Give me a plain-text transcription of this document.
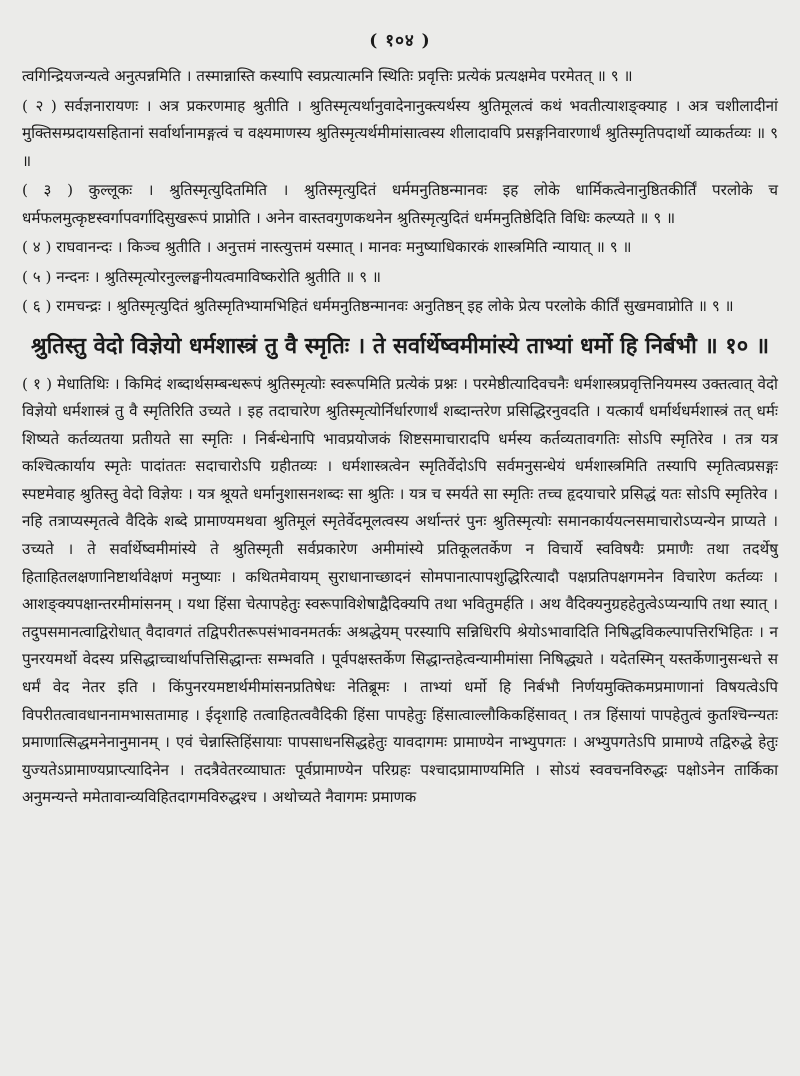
( १०४ )

त्वगिन्द्रियजन्यत्वे अनुत्पन्नमिति । तस्मान्नास्ति कस्यापि स्वप्रत्यात्मनि स्थितिः प्रवृत्तिः प्रत्येकं प्रत्यक्षमेव परमेतत् ॥ ९ ॥

( २ ) सर्वज्ञनारायणः । अत्र प्रकरणमाह श्रुतीति । श्रुतिस्मृत्यर्थानुवादेनानुक्त्यर्थस्य श्रुतिमूलत्वं कथं भवतीत्याशङ्क्याह । अत्र चशीलादीनां मुक्तिसम्प्रदायसहितानां सर्वार्थानामङ्गत्वं च वक्ष्यमाणस्य श्रुतिस्मृत्यर्थमीमांसात्वस्य शीलादावपि प्रसङ्गनिवारणार्थं श्रुतिस्मृतिपदार्थो व्याकर्तव्यः ॥ ९ ॥

( ३ ) कुल्लूकः । श्रुतिस्मृत्युदितमिति । श्रुतिस्मृत्युदितं धर्ममनुतिष्ठन्मानवः इह लोके धार्मिकत्वेनानुष्ठितकीर्तिं परलोके च धर्मफलमुत्कृष्टस्वर्गापवर्गादिसुखरूपं प्राप्नोति । अनेन वास्तवगुणकथनेन श्रुतिस्मृत्युदितं धर्ममनुतिष्ठेदिति विधिः कल्प्यते ॥ ९ ॥

( ४ ) राघवानन्दः । किञ्च श्रुतीति । अनुत्तमं नास्त्युत्तमं यस्मात् । मानवः मनुष्याधिकारकं शास्त्रमिति न्यायात् ॥ ९ ॥

( ५ ) नन्दनः । श्रुतिस्मृत्योरनुल्लङ्घनीयत्वमाविष्करोति श्रुतीति ॥ ९ ॥

( ६ ) रामचन्द्रः । श्रुतिस्मृत्युदितं श्रुतिस्मृतिभ्यामभिहितं धर्ममनुतिष्ठन्मानवः अनुतिष्ठन् इह लोके प्रेत्य परलोके कीर्तिं सुखमवाप्नोति ॥ ९ ॥

श्रुतिस्तु वेदो विज्ञेयो धर्मशास्त्रं तु वै स्मृतिः । ते सर्वार्थेष्वमीमांस्ये ताभ्यां धर्मो हि निर्बभौ ॥ १० ॥

( १ ) मेधातिथिः । किमिदं शब्दार्थसम्बन्धरूपं श्रुतिस्मृत्योः स्वरूपमिति प्रत्येकं प्रश्नः । परमेष्ठीत्यादिवचनैः धर्मशास्त्रप्रवृत्तिनियमस्य उक्तत्वात् वेदो विज्ञेयो धर्मशास्त्रं तु वै स्मृतिरिति उच्यते । इह तदाचारेण श्रुतिस्मृत्योर्निर्धारणार्थं शब्दान्तरेण प्रसिद्धिरनुवदति । यत्कार्यं धर्मार्थधर्मशास्त्रं तत् धर्मः शिष्यते कर्तव्यतया प्रतीयते सा स्मृतिः । निर्बन्धेनापि भावप्रयोजकं शिष्टसमाचारादपि धर्मस्य कर्तव्यतावगतिः सोऽपि स्मृतिरेव । तत्र यत्र कश्चित्कार्याय स्मृतेः पादांततः सदाचारोऽपि ग्रहीतव्यः । धर्मशास्त्रत्वेन स्मृतिर्वेदोऽपि सर्वमनुसन्धेयं धर्मशास्त्रमिति तस्यापि स्मृतित्वप्रसङ्गः स्पष्टमेवाह श्रुतिस्तु वेदो विज्ञेयः । यत्र श्रूयते धर्मानुशासनशब्दः सा श्रुतिः । यत्र च स्मर्यते सा स्मृतिः तच्च हृदयाचारे प्रसिद्धं यतः सोऽपि स्मृतिरेव । नहि तत्राप्यस्मृतत्वे वैदिके शब्दे प्रामाण्यमथवा श्रुतिमूलं स्मृतेर्वेदमूलत्वस्य अर्थान्तरं पुनः श्रुतिस्मृत्योः समानकार्ययत्नसमाचारोऽप्यन्येन प्राप्यते । उच्यते । ते सर्वार्थेष्वमीमांस्ये ते श्रुतिस्मृती सर्वप्रकारेण अमीमांस्ये प्रतिकूलतर्केण न विचार्ये स्वविषयैः प्रमाणैः तथा तदर्थेषु हिताहितलक्षणानिष्टार्थावेक्षणं मनुष्याः । कथितमेवायम् सुराधानाच्छादनं सोमपानात्पापशुद्धिरित्यादौ पक्षप्रतिपक्षगमनेन विचारेण कर्तव्यः । आशङ्क्यपक्षान्तरमीमांसनम् । यथा हिंसा चेत्पापहेतुः स्वरूपाविशेषाद्वैदिक्यपि तथा भवितुमर्हति । अथ वैदिक्यनुग्रहहेतुत्वेऽप्यन्यापि तथा स्यात् । तदुपसमानत्वाद्विरोधात् वैदावगतं तद्विपरीतरूपसंभावनमतर्कः अश्रद्धेयम् परस्यापि सन्निधिरपि श्रेयोऽभावादिति निषिद्धविकल्पापत्तिरभिहितः । न पुनरयमर्थो वेदस्य प्रसिद्धाच्चार्थापत्तिसिद्धान्तः सम्भवति । पूर्वपक्षस्तर्केण सिद्धान्तहेत्वन्यामीमांसा निषिद्ध्यते । यदेतस्मिन् यस्तर्केणानुसन्धत्ते स धर्मं वेद नेतर इति । किंपुनरयमष्टार्थमीमांसनप्रतिषेधः नेतिब्रूमः । ताभ्यां धर्मो हि निर्बभौ निर्णयमुक्तिकमप्रमाणानां विषयत्वेऽपि विपरीतत्वावधाननामभासतामाह । ईदृशाहि तत्वाहितत्ववैदिकी हिंसा पापहेतुः हिंसात्वाल्लौकिकहिंसावत् । तत्र हिंसायां पापहेतुत्वं कुतश्चिन्न्यतः प्रमाणात्सिद्धमनेनानुमानम् । एवं चेन्नास्तिहिंसायाः पापसाधनसिद्धहेतुः यावदागमः प्रामाण्येन नाभ्युपगतः । अभ्युपगतेऽपि प्रामाण्ये तद्विरुद्धे हेतुः युज्यतेऽप्रामाण्यप्राप्त्यादिनेन । तदत्रैवेतरव्याघातः पूर्वप्रामाण्येन परिग्रहः पश्चादप्रामाण्यमिति । सोऽयं स्ववचनविरुद्धः पक्षोऽनेन तार्किका अनुमन्यन्ते ममेतावान्व्यविहितदागमविरुद्धश्च । अथोच्यते नैवागमः प्रमाणक
